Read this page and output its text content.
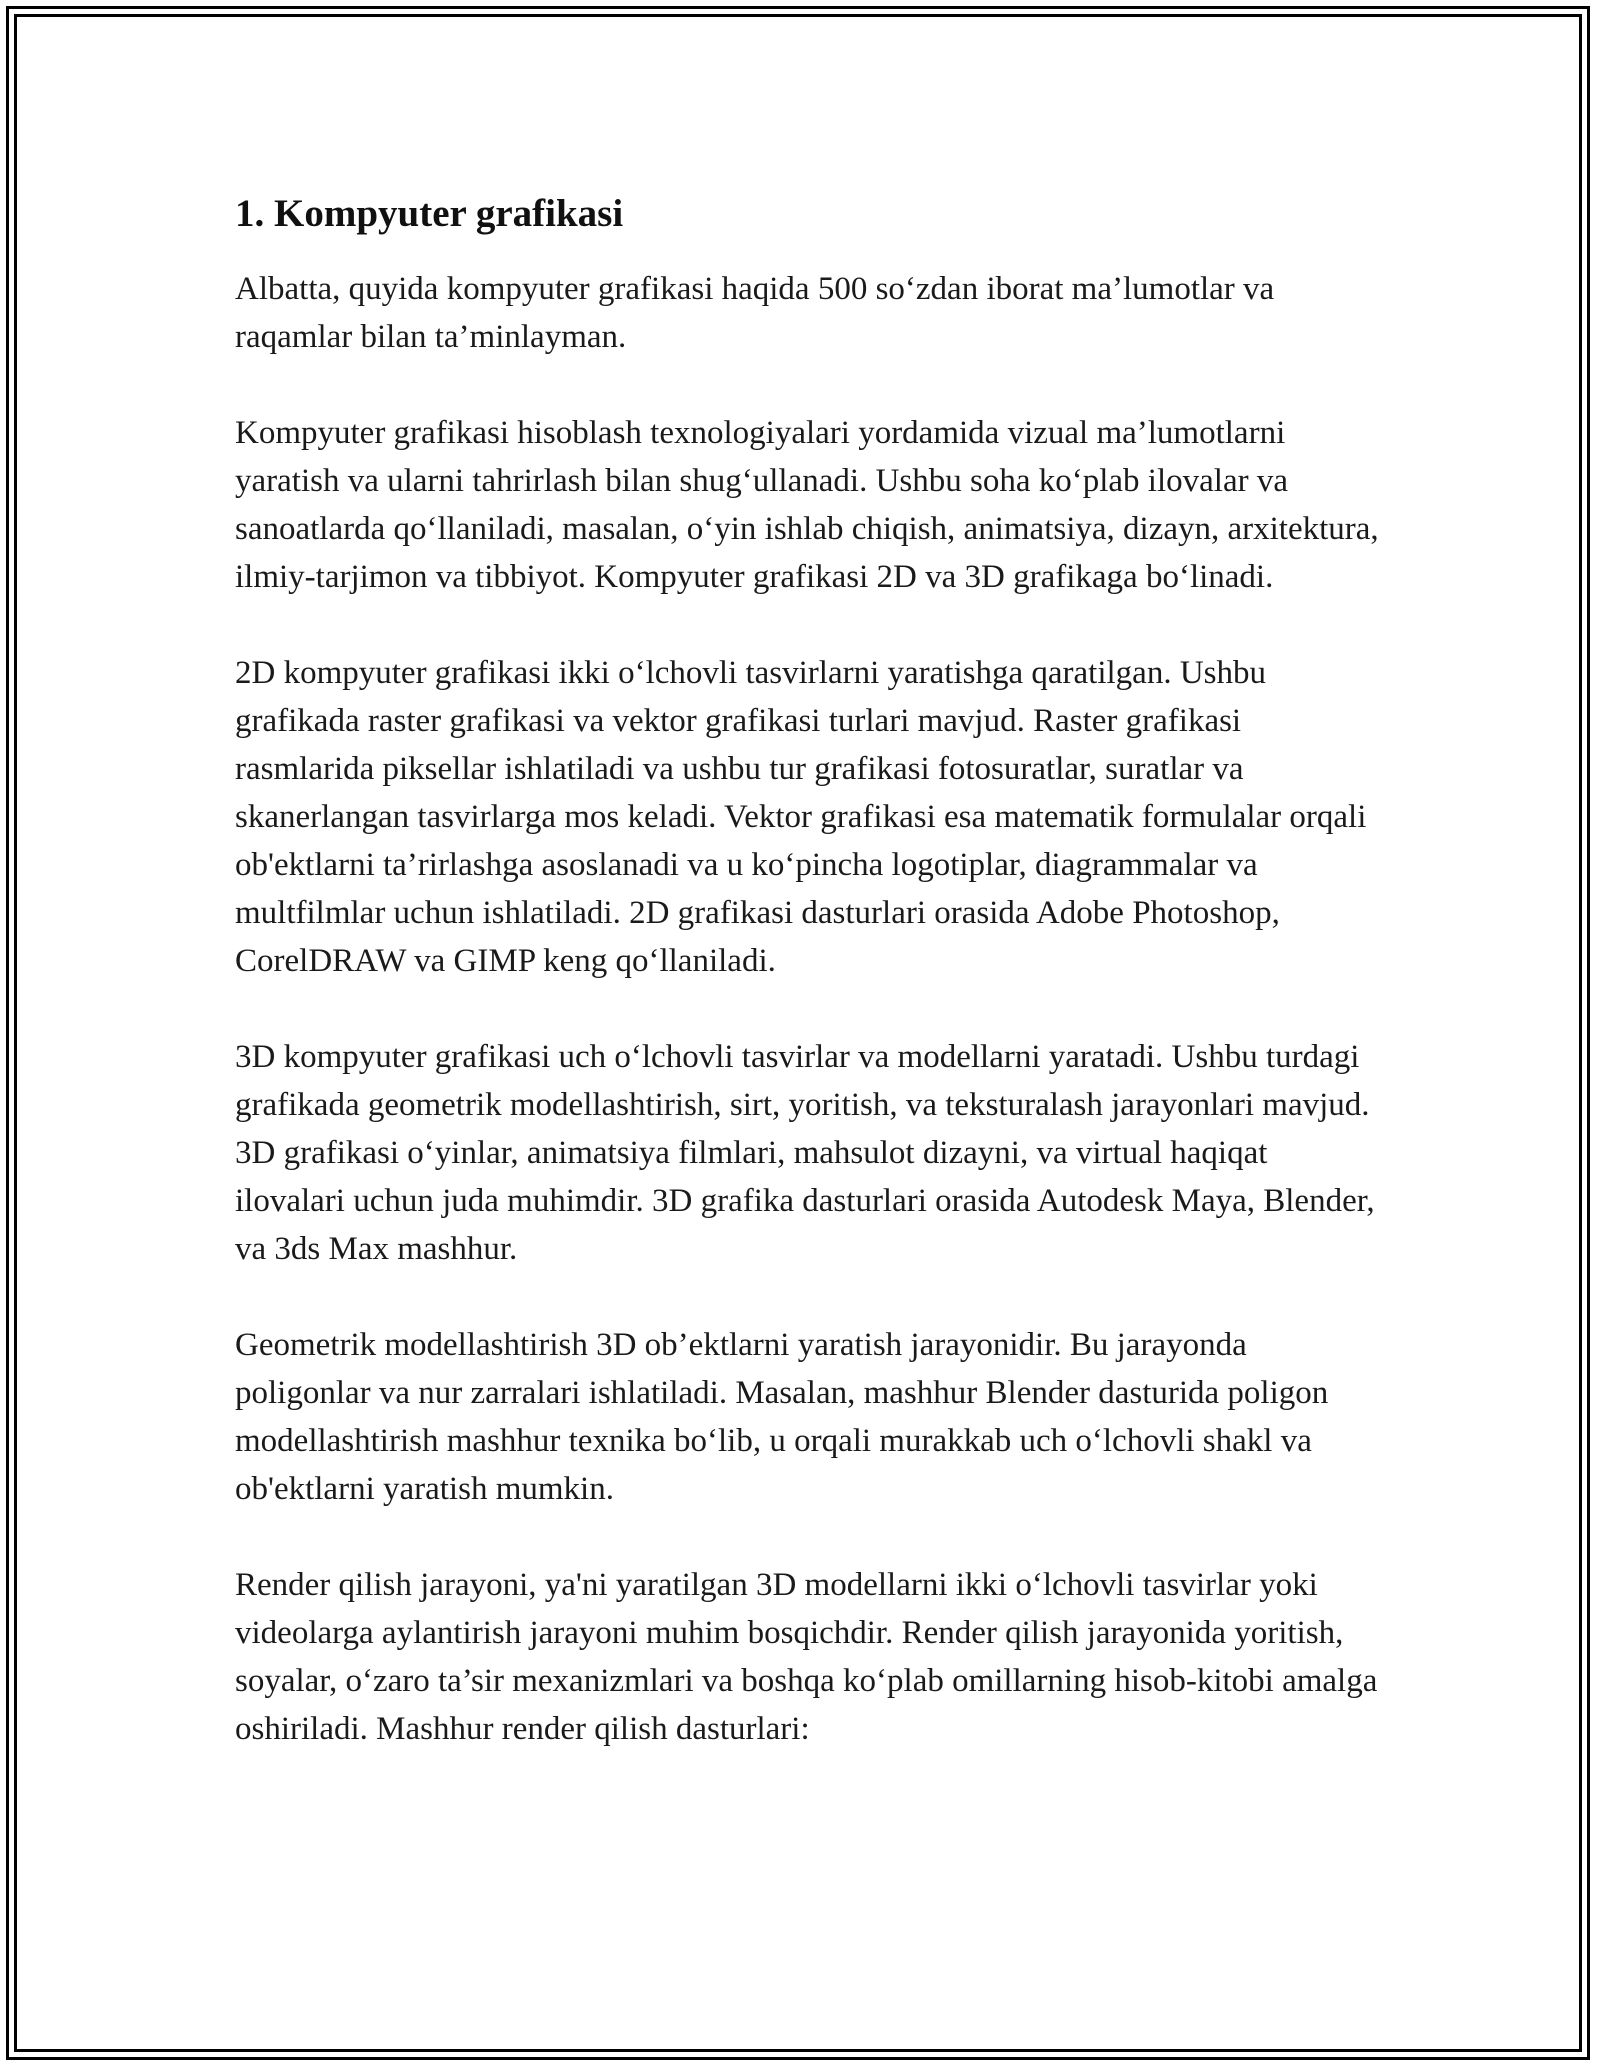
1. Kompyuter grafikasi

Albatta, quyida kompyuter grafikasi haqida 500 so‘zdan iborat ma’lumotlar va raqamlar bilan ta’minlayman.

Kompyuter grafikasi hisoblash texnologiyalari yordamida vizual ma’lumotlarni yaratish va ularni tahrirlash bilan shug‘ullanadi. Ushbu soha ko‘plab ilovalar va sanoatlarda qo‘llaniladi, masalan, o‘yin ishlab chiqish, animatsiya, dizayn, arxitektura, ilmiy-tarjimon va tibbiyot. Kompyuter grafikasi 2D va 3D grafikaga bo‘linadi.

2D kompyuter grafikasi ikki o‘lchovli tasvirlarni yaratishga qaratilgan. Ushbu grafikada raster grafikasi va vektor grafikasi turlari mavjud. Raster grafikasi rasmlarida piksellar ishlatiladi va ushbu tur grafikasi fotosuratlar, suratlar va skanerlangan tasvirlarga mos keladi. Vektor grafikasi esa matematik formulalar orqali ob'ektlarni ta’rirlashga asoslanadi va u ko‘pincha logotiplar, diagrammalar va multfilmlar uchun ishlatiladi. 2D grafikasi dasturlari orasida Adobe Photoshop, CorelDRAW va GIMP keng qo‘llaniladi.

3D kompyuter grafikasi uch o‘lchovli tasvirlar va modellarni yaratadi. Ushbu turdagi grafikada geometrik modellashtirish, sirt, yoritish, va teksturalash jarayonlari mavjud. 3D grafikasi o‘yinlar, animatsiya filmlari, mahsulot dizayni, va virtual haqiqat ilovalari uchun juda muhimdir. 3D grafika dasturlari orasida Autodesk Maya, Blender, va 3ds Max mashhur.

Geometrik modellashtirish 3D ob’ektlarni yaratish jarayonidir. Bu jarayonda poligonlar va nur zarralari ishlatiladi. Masalan, mashhur Blender dasturida poligon modellashtirish mashhur texnika bo‘lib, u orqali murakkab uch o‘lchovli shakl va ob'ektlarni yaratish mumkin.

Render qilish jarayoni, ya'ni yaratilgan 3D modellarni ikki o‘lchovli tasvirlar yoki videolarga aylantirish jarayoni muhim bosqichdir. Render qilish jarayonida yoritish, soyalar, o‘zaro ta’sir mexanizmlari va boshqa ko‘plab omillarning hisob-kitobi amalga oshiriladi. Mashhur render qilish dasturlari:
